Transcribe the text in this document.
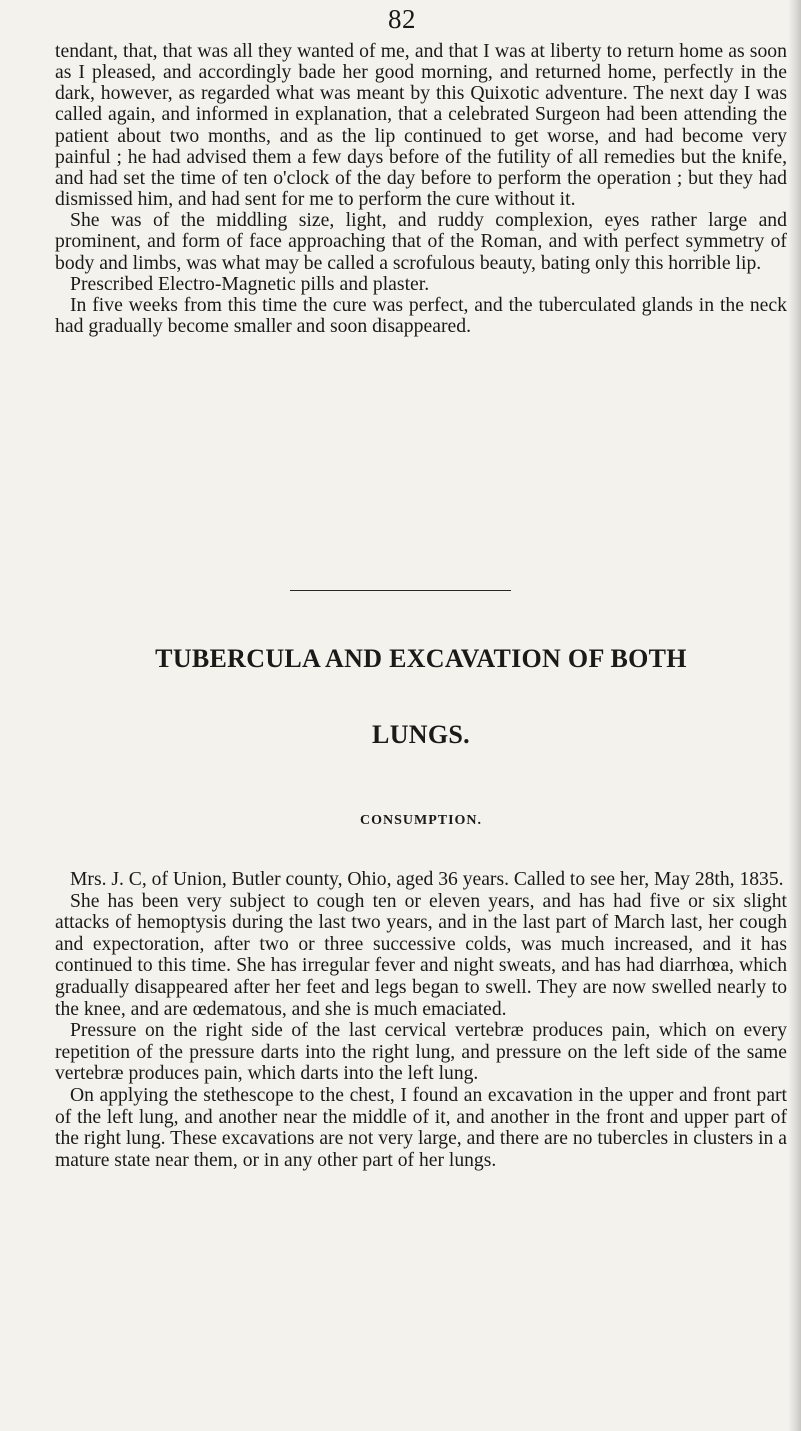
82

tendant, that, that was all they wanted of me, and that I was at liberty to return home as soon as I pleased, and accordingly bade her good morning, and returned home, perfectly in the dark, however, as regarded what was meant by this Quixotic adventure. The next day I was called again, and informed in explanation, that a celebrated Surgeon had been attending the patient about two months, and as the lip continued to get worse, and had become very painful ; he had advised them a few days before of the futility of all remedies but the knife, and had set the time of ten o'clock of the day before to perform the operation ; but they had dismissed him, and had sent for me to perform the cure without it.

She was of the middling size, light, and ruddy complexion, eyes rather large and prominent, and form of face approaching that of the Roman, and with perfect symmetry of body and limbs, was what may be called a scrofulous beauty, bating only this horrible lip.

Prescribed Electro-Magnetic pills and plaster.

In five weeks from this time the cure was perfect, and the tuberculated glands in the neck had gradually become smaller and soon disappeared.

TUBERCULA AND EXCAVATION OF BOTH
LUNGS.
CONSUMPTION.

Mrs. J. C, of Union, Butler county, Ohio, aged 36 years. Called to see her, May 28th, 1835.

She has been very subject to cough ten or eleven years, and has had five or six slight attacks of hemoptysis during the last two years, and in the last part of March last, her cough and expectoration, after two or three successive colds, was much increased, and it has continued to this time. She has irregular fever and night sweats, and has had diarrhœa, which gradually disappeared after her feet and legs began to swell. They are now swelled nearly to the knee, and are œdematous, and she is much emaciated.

Pressure on the right side of the last cervical vertebræ produces pain, which on every repetition of the pressure darts into the right lung, and pressure on the left side of the same vertebræ produces pain, which darts into the left lung.

On applying the stethescope to the chest, I found an excavation in the upper and front part of the left lung, and another near the middle of it, and another in the front and upper part of the right lung. These excavations are not very large, and there are no tubercles in clusters in a mature state near them, or in any other part of her lungs.
